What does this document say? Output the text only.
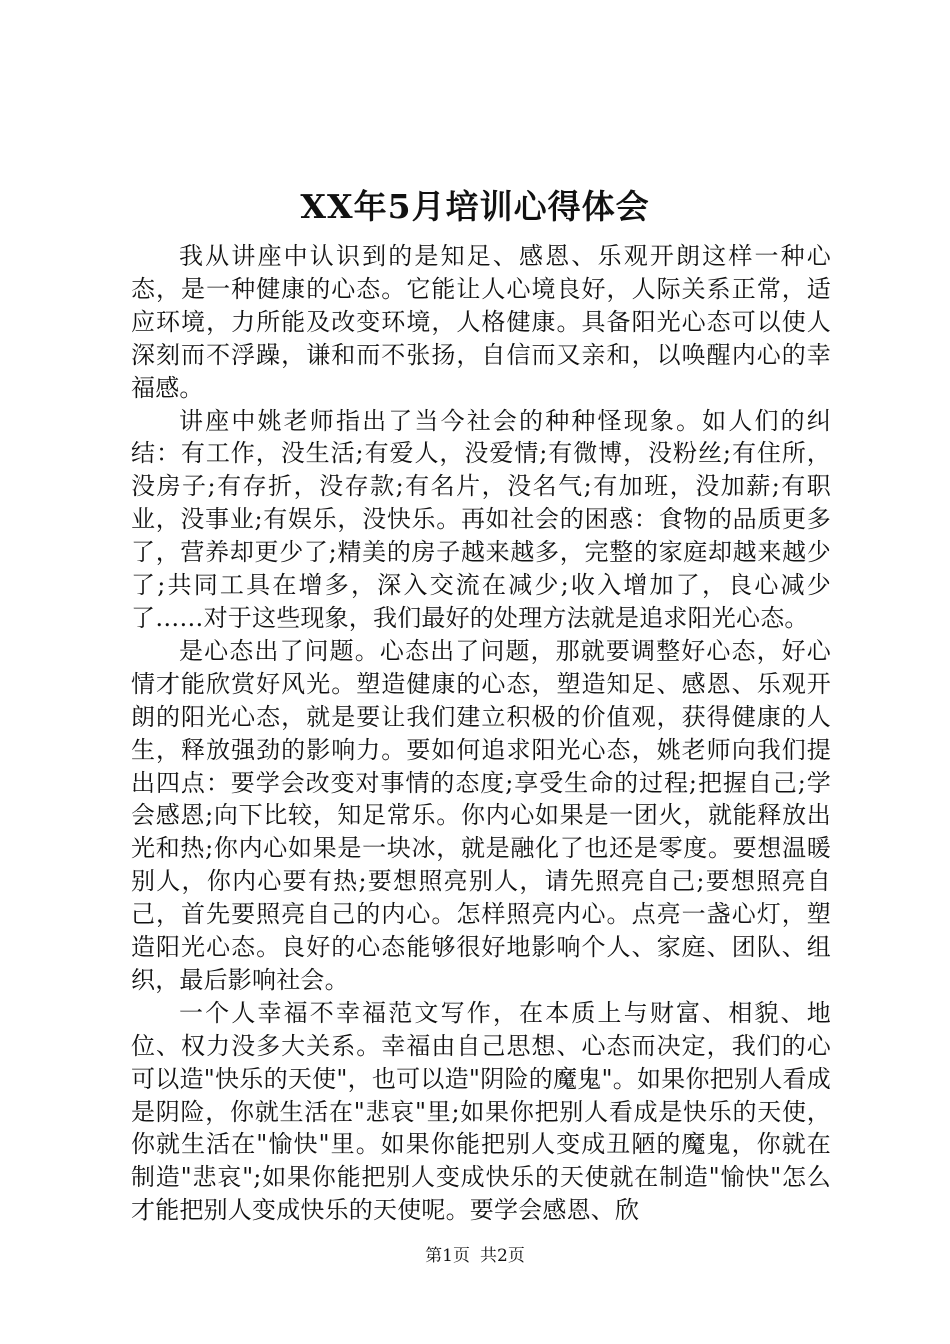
XX年5月培训心得体会

我从讲座中认识到的是知足、感恩、乐观开朗这样一种心态，是一种健康的心态。它能让人心境良好，人际关系正常，适应环境，力所能及改变环境，人格健康。具备阳光心态可以使人深刻而不浮躁，谦和而不张扬，自信而又亲和，以唤醒内心的幸福感。

讲座中姚老师指出了当今社会的种种怪现象。如人们的纠结：有工作，没生活;有爱人，没爱情;有微博，没粉丝;有住所，没房子;有存折，没存款;有名片，没名气;有加班，没加薪;有职业，没事业;有娱乐，没快乐。再如社会的困惑：食物的品质更多了，营养却更少了;精美的房子越来越多，完整的家庭却越来越少了;共同工具在增多，深入交流在减少;收入增加了，良心减少了……对于这些现象，我们最好的处理方法就是追求阳光心态。

是心态出了问题。心态出了问题，那就要调整好心态，好心情才能欣赏好风光。塑造健康的心态，塑造知足、感恩、乐观开朗的阳光心态，就是要让我们建立积极的价值观，获得健康的人生，释放强劲的影响力。要如何追求阳光心态，姚老师向我们提出四点：要学会改变对事情的态度;享受生命的过程;把握自己;学会感恩;向下比较，知足常乐。你内心如果是一团火，就能释放出光和热;你内心如果是一块冰，就是融化了也还是零度。要想温暖别人，你内心要有热;要想照亮别人，请先照亮自己;要想照亮自己，首先要照亮自己的内心。怎样照亮内心。点亮一盏心灯，塑造阳光心态。良好的心态能够很好地影响个人、家庭、团队、组织，最后影响社会。

一个人幸福不幸福范文写作，在本质上与财富、相貌、地位、权力没多大关系。幸福由自己思想、心态而决定，我们的心可以造"快乐的天使"，也可以造"阴险的魔鬼"。如果你把别人看成是阴险，你就生活在"悲哀"里;如果你把别人看成是快乐的天使，你就生活在"愉快"里。如果你能把别人变成丑陋的魔鬼，你就在制造"悲哀";如果你能把别人变成快乐的天使就在制造"愉快"怎么才能把别人变成快乐的天使呢。要学会感恩、欣

第1页 共2页
